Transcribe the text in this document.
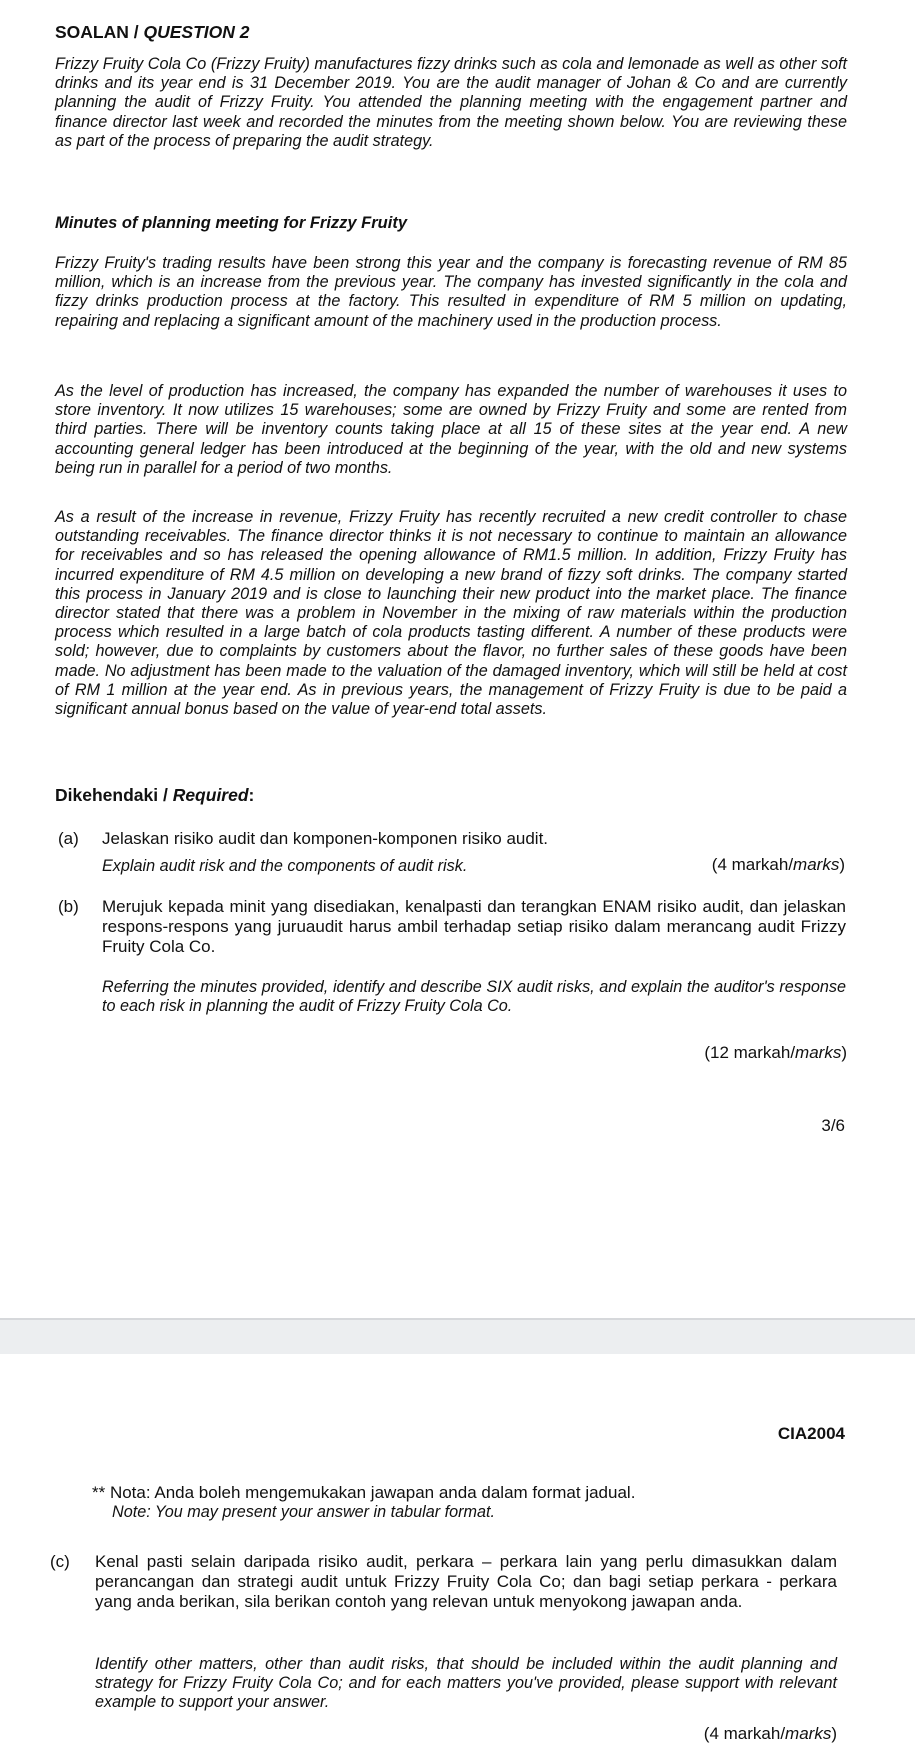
SOALAN / QUESTION 2

Frizzy Fruity Cola Co (Frizzy Fruity) manufactures fizzy drinks such as cola and lemonade as well as other soft drinks and its year end is 31 December 2019. You are the audit manager of Johan & Co and are currently planning the audit of Frizzy Fruity. You attended the planning meeting with the engagement partner and finance director last week and recorded the minutes from the meeting shown below. You are reviewing these as part of the process of preparing the audit strategy.

Minutes of planning meeting for Frizzy Fruity

Frizzy Fruity's trading results have been strong this year and the company is forecasting revenue of RM 85 million, which is an increase from the previous year. The company has invested significantly in the cola and fizzy drinks production process at the factory. This resulted in expenditure of RM 5 million on updating, repairing and replacing a significant amount of the machinery used in the production process.

As the level of production has increased, the company has expanded the number of warehouses it uses to store inventory. It now utilizes 15 warehouses; some are owned by Frizzy Fruity and some are rented from third parties. There will be inventory counts taking place at all 15 of these sites at the year end. A new accounting general ledger has been introduced at the beginning of the year, with the old and new systems being run in parallel for a period of two months.

As a result of the increase in revenue, Frizzy Fruity has recently recruited a new credit controller to chase outstanding receivables. The finance director thinks it is not necessary to continue to maintain an allowance for receivables and so has released the opening allowance of RM1.5 million. In addition, Frizzy Fruity has incurred expenditure of RM 4.5 million on developing a new brand of fizzy soft drinks. The company started this process in January 2019 and is close to launching their new product into the market place. The finance director stated that there was a problem in November in the mixing of raw materials within the production process which resulted in a large batch of cola products tasting different. A number of these products were sold; however, due to complaints by customers about the flavor, no further sales of these goods have been made. No adjustment has been made to the valuation of the damaged inventory, which will still be held at cost of RM 1 million at the year end. As in previous years, the management of Frizzy Fruity is due to be paid a significant annual bonus based on the value of year-end total assets.

Dikehendaki / Required:
(a) Jelaskan risiko audit dan komponen-komponen risiko audit.

Explain audit risk and the components of audit risk.	(4 markah/marks)
(b) Merujuk kepada minit yang disediakan, kenalpasti dan terangkan ENAM risiko audit, dan jelaskan respons-respons yang juruaudit harus ambil terhadap setiap risiko dalam merancang audit Frizzy Fruity Cola Co.

Referring the minutes provided, identify and describe SIX audit risks, and explain the auditor's response to each risk in planning the audit of Frizzy Fruity Cola Co.

(12 markah/marks)
3/6
CIA2004
** Nota: Anda boleh mengemukakan jawapan anda dalam format jadual.
Note: You may present your answer in tabular format.
(c) Kenal pasti selain daripada risiko audit, perkara – perkara lain yang perlu dimasukkan dalam perancangan dan strategi audit untuk Frizzy Fruity Cola Co; dan bagi setiap perkara - perkara yang anda berikan, sila berikan contoh yang relevan untuk menyokong jawapan anda.

Identify other matters, other than audit risks, that should be included within the audit planning and strategy for Frizzy Fruity Cola Co; and for each matters you've provided, please support with relevant example to support your answer.

(4 markah/marks)
